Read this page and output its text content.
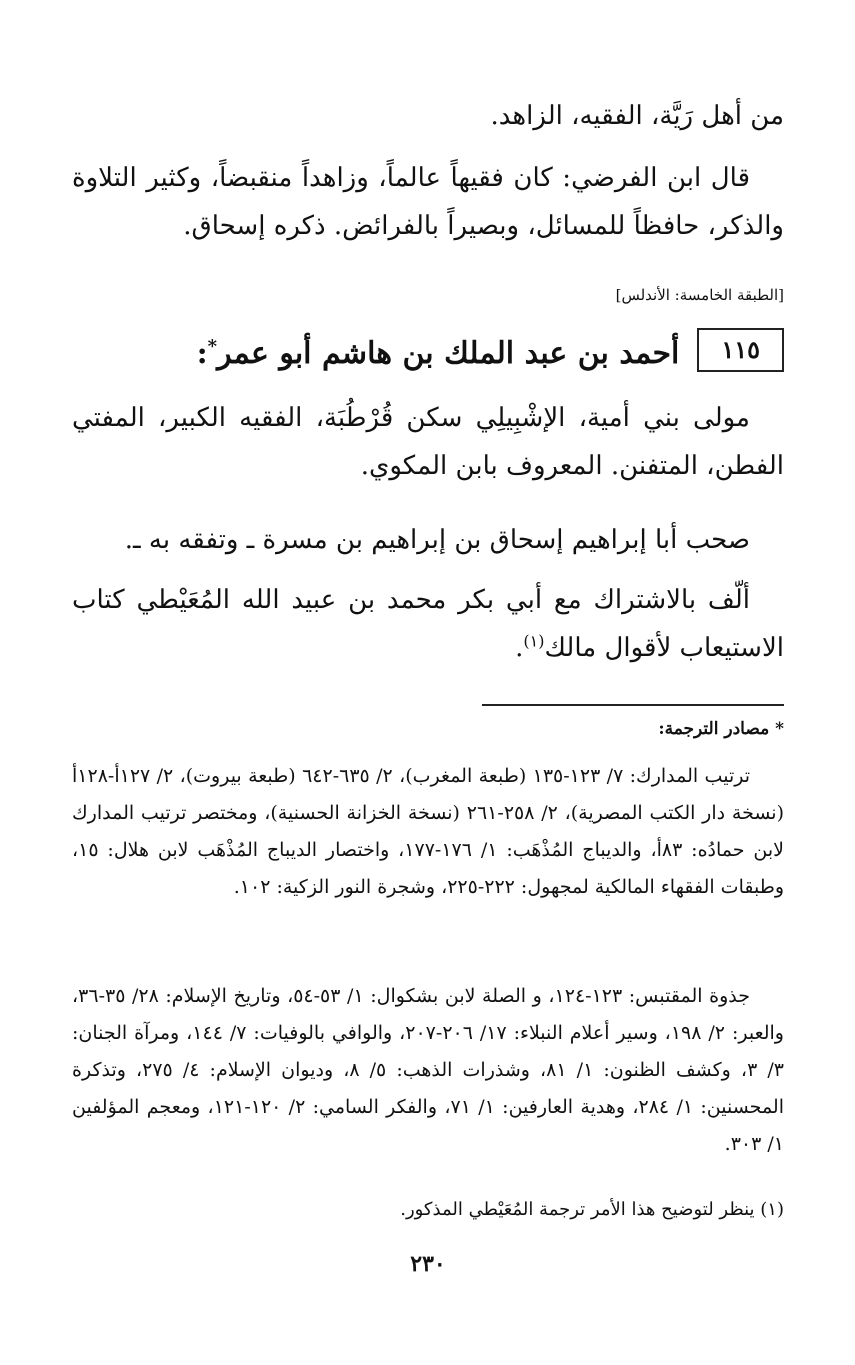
من أهل رَيَّة، الفقيه، الزاهد.

قال ابن الفرضي: كان فقيهاً عالماً، وزاهداً منقبضاً، وكثير التلاوة والذكر، حافظاً للمسائل، وبصيراً بالفرائض. ذكره إسحاق.

[الطبقة الخامسة: الأندلس]

١١٥
أحمد بن عبد الملك بن هاشم أبو عمر*:

مولى بني أمية، الإشْبِيلِي سكن قُرْطُبَة، الفقيه الكبير، المفتي الفطن، المتفنن. المعروف بابن المكوي.

صحب أبا إبراهيم إسحاق بن إبراهيم بن مسرة ـ وتفقه به ـ.

ألّف بالاشتراك مع أبي بكر محمد بن عبيد الله المُعَيْطي كتاب الاستيعاب لأقوال مالك$^{(١)}$.

* مصادر الترجمة:

ترتيب المدارك: ٧/ ١٢٣-١٣٥ (طبعة المغرب)، ٢/ ٦٣٥-٦٤٢ (طبعة بيروت)، ٢/ ١٢٧أ-١٢٨أ (نسخة دار الكتب المصرية)، ٢/ ٢٥٨-٢٦١ (نسخة الخزانة الحسنية)، ومختصر ترتيب المدارك لابن حمادُه: ٨٣أ، والديباج المُذْهَب: ١/ ١٧٦-١٧٧، واختصار الديباج المُذْهَب لابن هلال: ١٥، وطبقات الفقهاء المالكية لمجهول: ٢٢٢-٢٢٥، وشجرة النور الزكية: ١٠٢.

جذوة المقتبس: ١٢٣-١٢٤، و الصلة لابن بشكوال: ١/ ٥٣-٥٤، وتاريخ الإسلام: ٢٨/ ٣٥-٣٦، والعبر: ٢/ ١٩٨، وسير أعلام النبلاء: ١٧/ ٢٠٦-٢٠٧، والوافي بالوفيات: ٧/ ١٤٤، ومرآة الجنان: ٣/ ٣، وكشف الظنون: ١/ ٨١، وشذرات الذهب: ٥/ ٨، وديوان الإسلام: ٤/ ٢٧٥، وتذكرة المحسنين: ١/ ٢٨٤، وهدية العارفين: ١/ ٧١، والفكر السامي: ٢/ ١٢٠-١٢١، ومعجم المؤلفين ١/ ٣٠٣.

(١) ينظر لتوضيح هذا الأمر ترجمة المُعَيْطي المذكور.

٢٣٠
